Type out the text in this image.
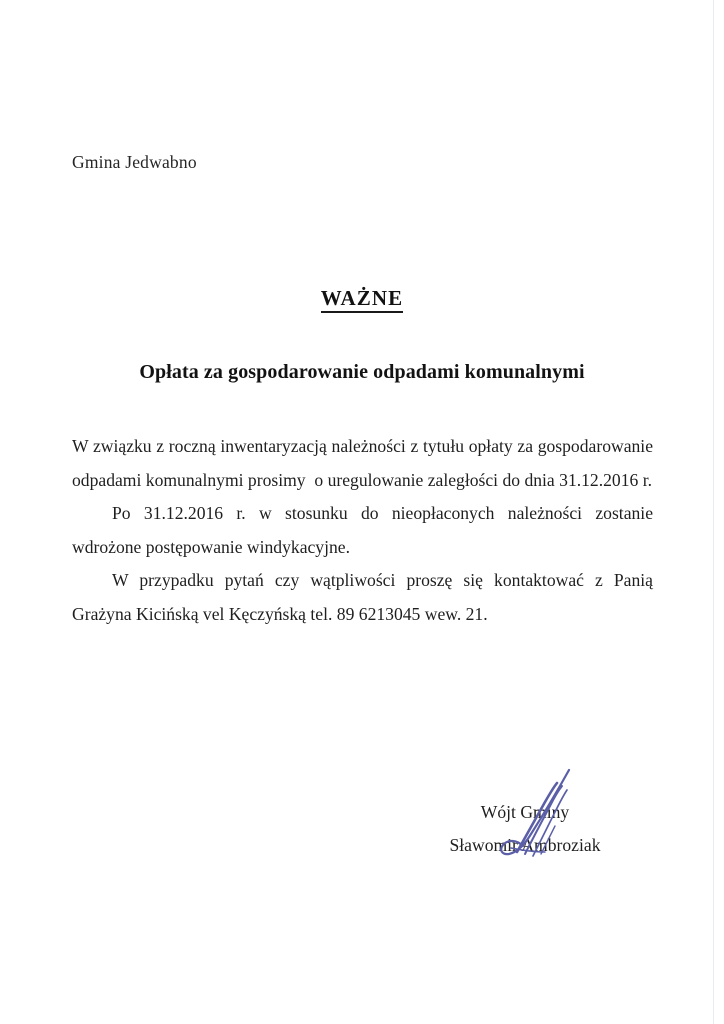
Gmina Jedwabno
WAŻNE
Opłata za gospodarowanie odpadami komunalnymi

W związku z roczną inwentaryzacją należności z tytułu opłaty za gospodarowanie odpadami komunalnymi prosimy  o uregulowanie zaległości do dnia 31.12.2016 r.

Po 31.12.2016 r. w stosunku do nieopłaconych należności zostanie wdrożone postępowanie windykacyjne.

W przypadku pytań czy wątpliwości proszę się kontaktować z Panią Grażyna Kicińską vel Kęczyńską tel. 89 6213045 wew. 21.

Wójt Gminy
Sławomir Ambroziak
